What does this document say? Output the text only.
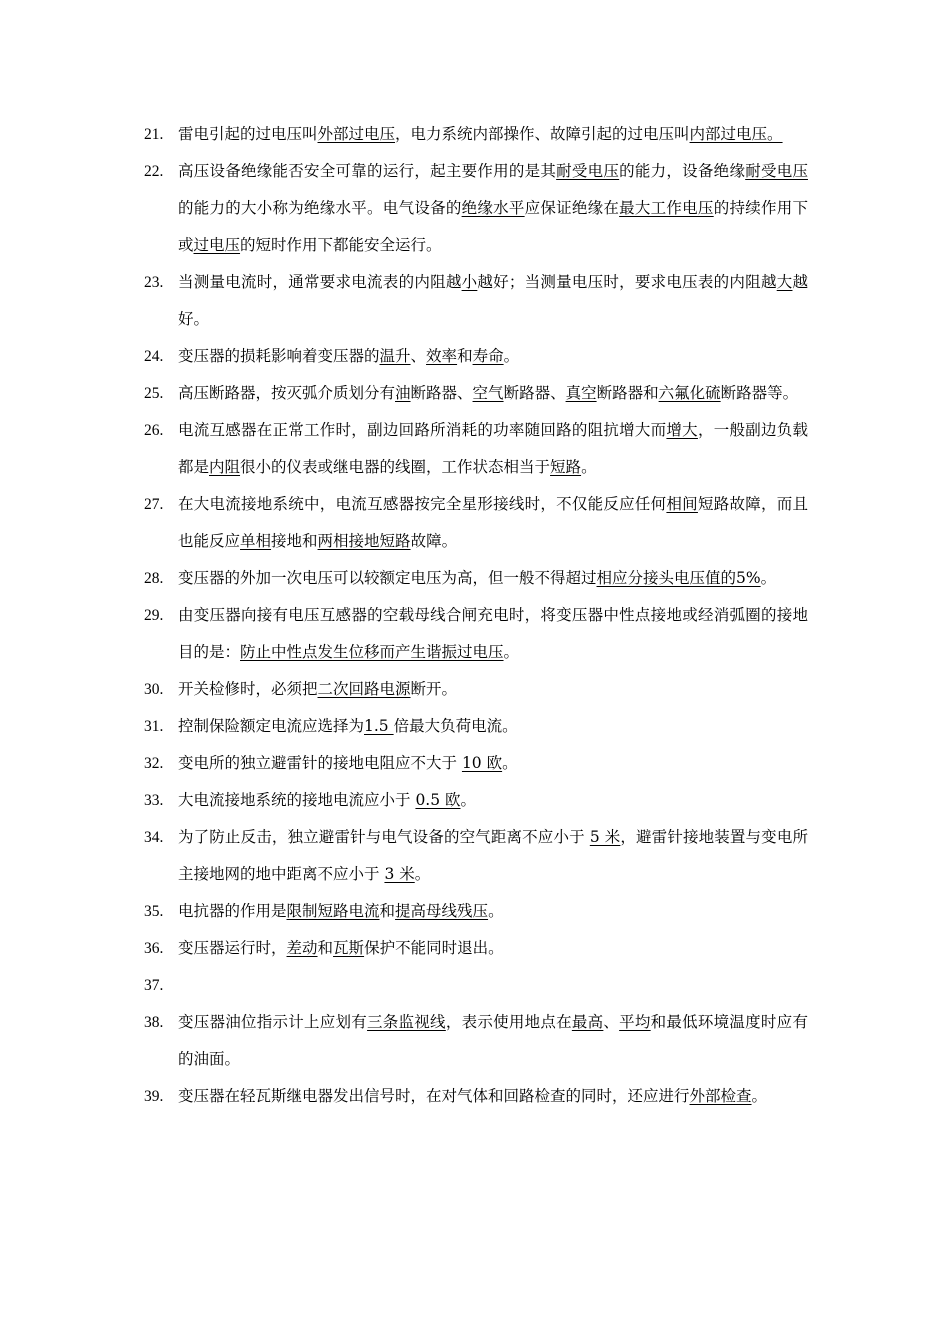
21. 雷电引起的过电压叫外部过电压，电力系统内部操作、故障引起的过电压叫内部过电压。
22. 高压设备绝缘能否安全可靠的运行，起主要作用的是其耐受电压的能力，设备绝缘耐受电压的能力的大小称为绝缘水平。电气设备的绝缘水平应保证绝缘在最大工作电压的持续作用下或过电压的短时作用下都能安全运行。
23. 当测量电流时，通常要求电流表的内阻越小越好；当测量电压时，要求电压表的内阻越大越好。
24. 变压器的损耗影响着变压器的温升、效率和寿命。
25. 高压断路器，按灭弧介质划分有油断路器、空气断路器、真空断路器和六氟化硫断路器等。
26. 电流互感器在正常工作时，副边回路所消耗的功率随回路的阻抗增大而增大，一般副边负载都是内阻很小的仪表或继电器的线圈，工作状态相当于短路。
27. 在大电流接地系统中，电流互感器按完全星形接线时，不仅能反应任何相间短路故障，而且也能反应单相接地和两相接地短路故障。
28. 变压器的外加一次电压可以较额定电压为高，但一般不得超过相应分接头电压值的5%。
29. 由变压器向接有电压互感器的空载母线合闸充电时，将变压器中性点接地或经消弧圈的接地目的是：防止中性点发生位移而产生谐振过电压。
30. 开关检修时，必须把二次回路电源断开。
31. 控制保险额定电流应选择为1.5 倍最大负荷电流。
32. 变电所的独立避雷针的接地电阻应不大于 10 欧。
33. 大电流接地系统的接地电流应小于 0.5 欧。
34. 为了防止反击，独立避雷针与电气设备的空气距离不应小于 5 米，避雷针接地装置与变电所主接地网的地中距离不应小于 3 米。
35. 电抗器的作用是限制短路电流和提高母线残压。
36. 变压器运行时，差动和瓦斯保护不能同时退出。
37.
38. 变压器油位指示计上应划有三条监视线，表示使用地点在最高、平均和最低环境温度时应有的油面。
39. 变压器在轻瓦斯继电器发出信号时，在对气体和回路检查的同时，还应进行外部检查。
